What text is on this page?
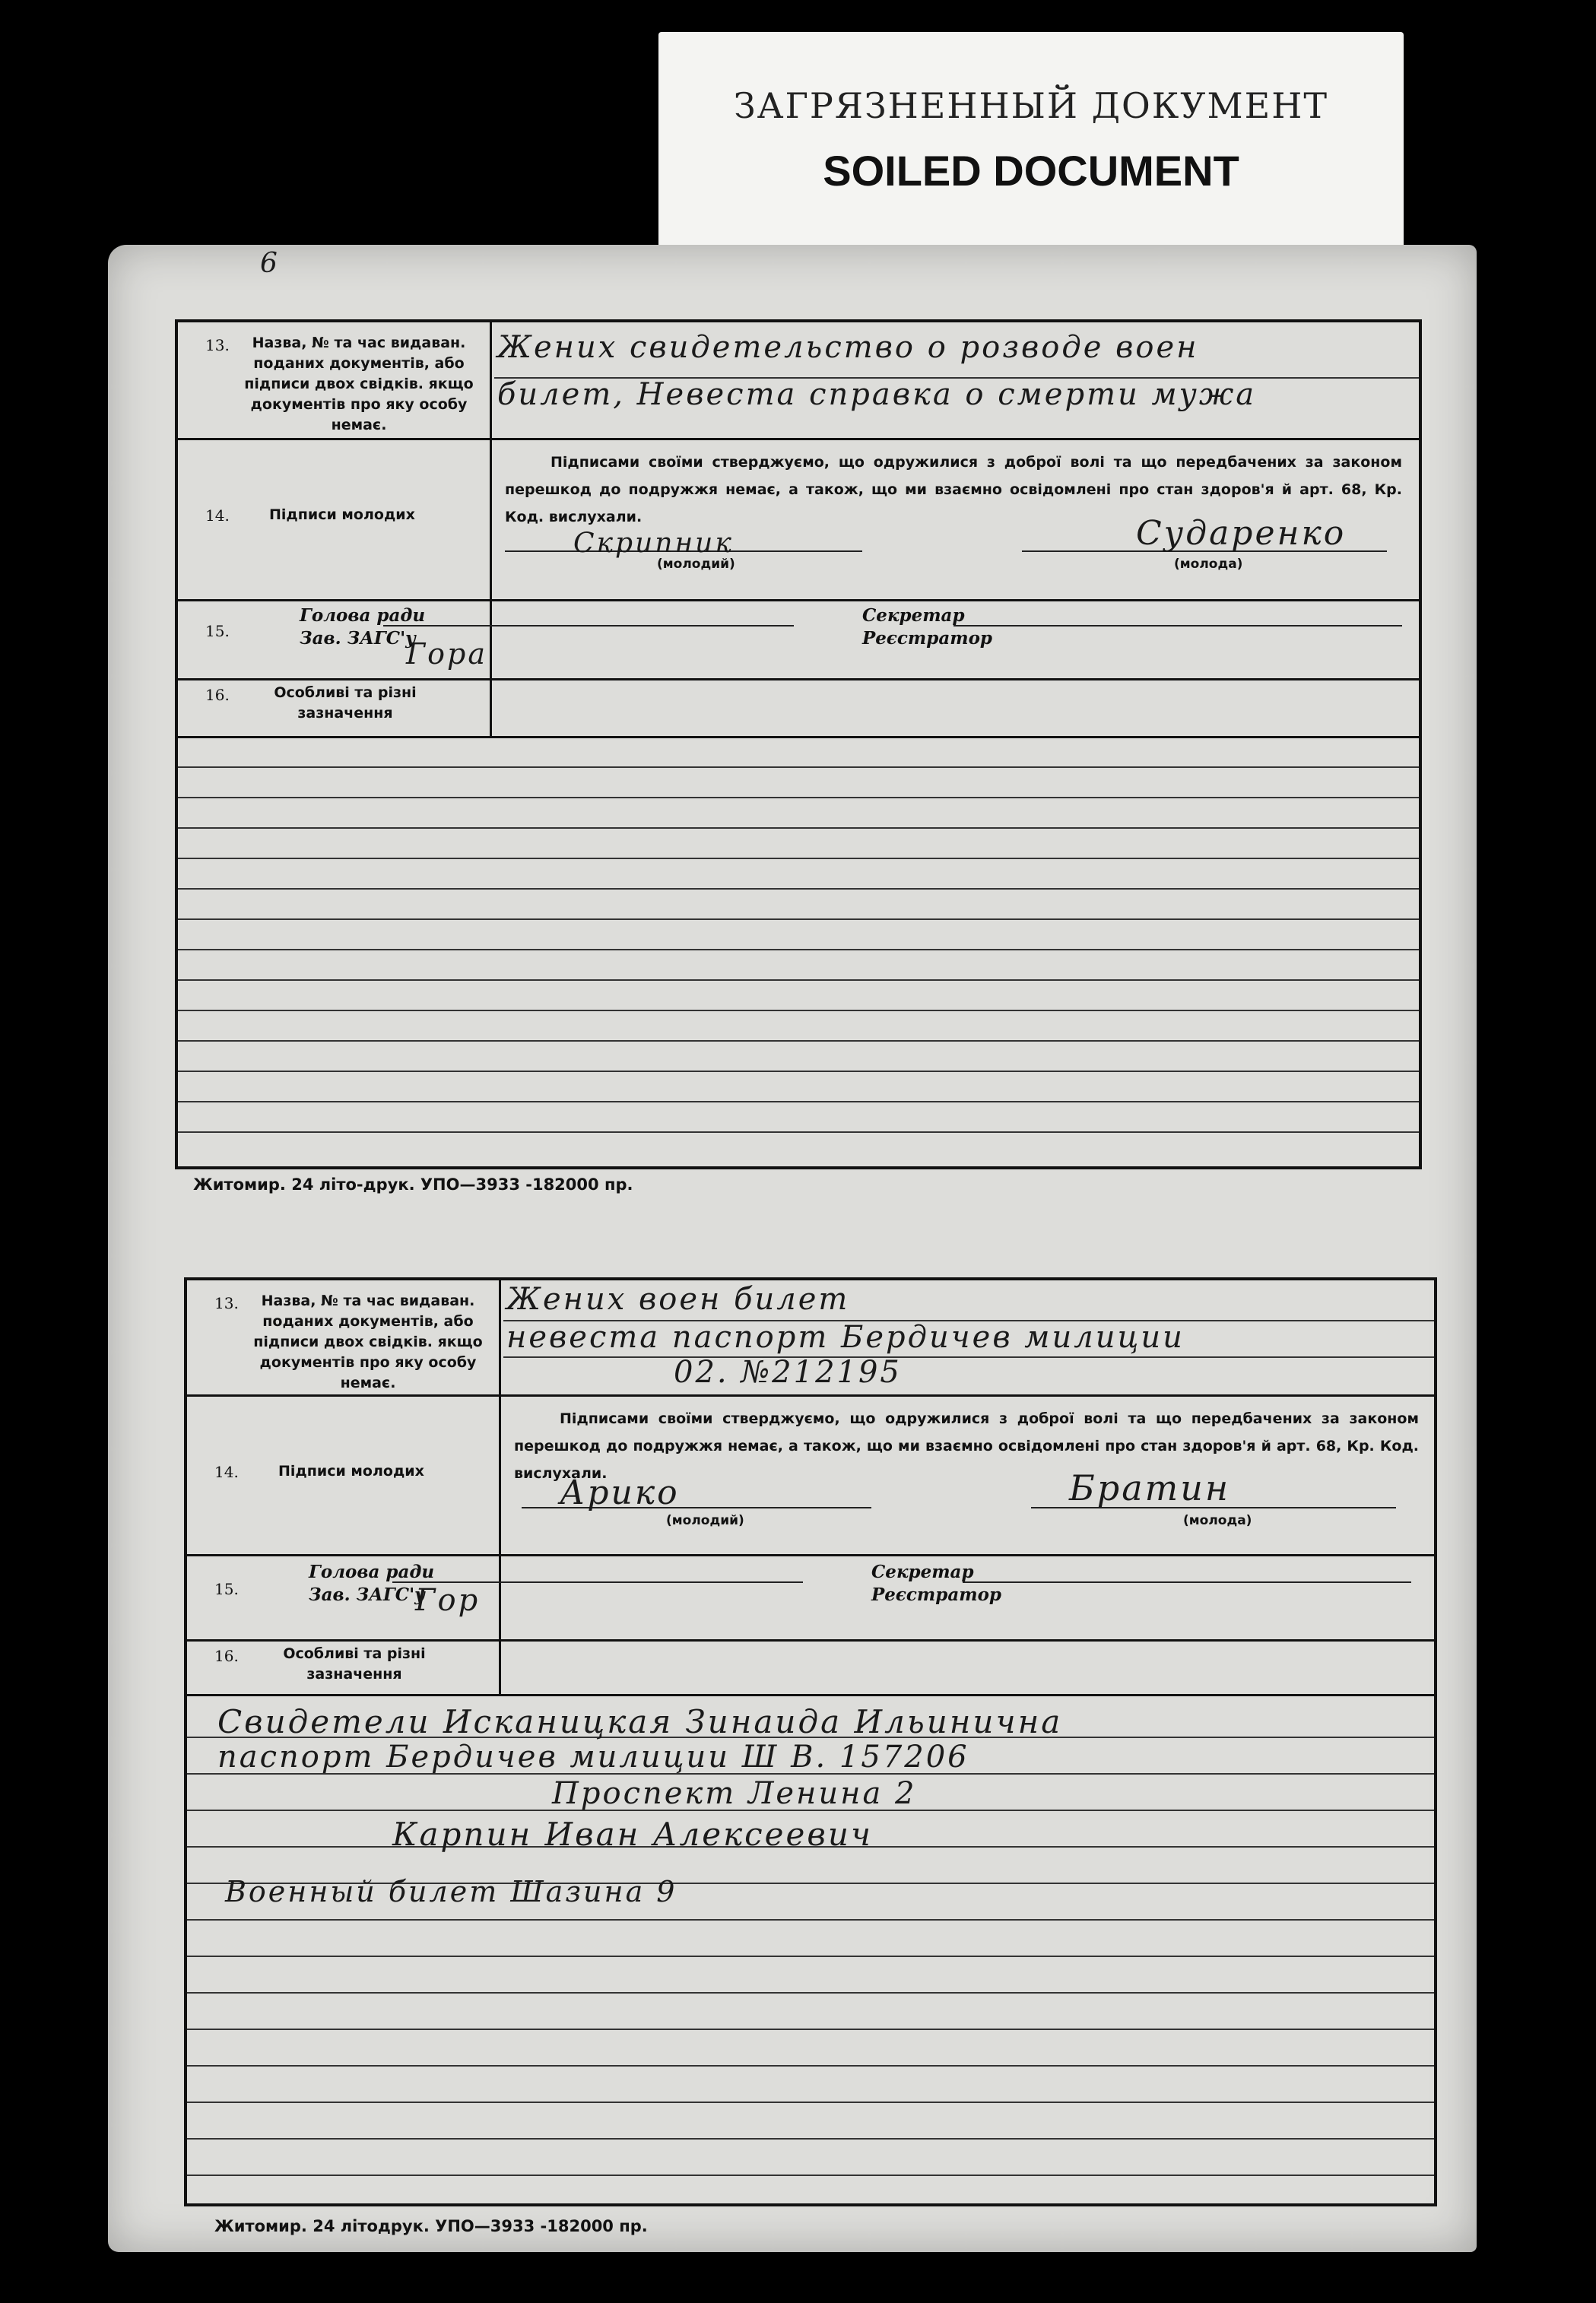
ЗАГРЯЗНЕННЫЙ ДОКУМЕНТ
SOILED DOCUMENT
6
13.	Назва, № та час видаван. поданих документів, або підписи двох свідків. якщо документів про яку особу немає.
Жених свидетельство о розводе воен
билет, Невеста справка о смерти мужа
14.	Підписи молодих
Підписами своїми стверджуємо, що одружилися з доброї волі та що передбачених за законом перешкод до подружжя немає, а також, що ми взаємно освідомлені про стан здоров'я й арт. 68, Кр. Код. вислухали.
Скрипник	Сударенко
(молодий)	(молода)
15.
Голова ради
Зав. ЗАГС'у
Секретар
Реєстратор
Гора
16.	Особливі та різні зазначення
Житомир. 24 літо-друк. УПО—3933 -182000 пр.
13.	Назва, № та час видаван. поданих документів, або підписи двох свідків. якщо документів про яку особу немає.
Жених воен билет
невеста паспорт Бердичев милиции
02. №212195
14.	Підписи молодих
Підписами своїми стверджуємо, що одружилися з доброї волі та що передбачених за законом перешкод до подружжя немає, а також, що ми взаємно освідомлені про стан здоров'я й арт. 68, Кр. Код. вислухали.
Арико	Братин
(молодий)	(молода)
15.
Голова ради
Зав. ЗАГС'у
Секретар
Реєстратор
Гор
16.	Особливі та різні зазначення
Свидетели Исканицкая Зинаида Ильинична
паспорт Бердичев милиции Ш В. 157206
Проспект Ленина 2
Карпин Иван Алексеевич
Военный билет Шазина 9
Житомир. 24 літодрук. УПО—3933 -182000 пр.
